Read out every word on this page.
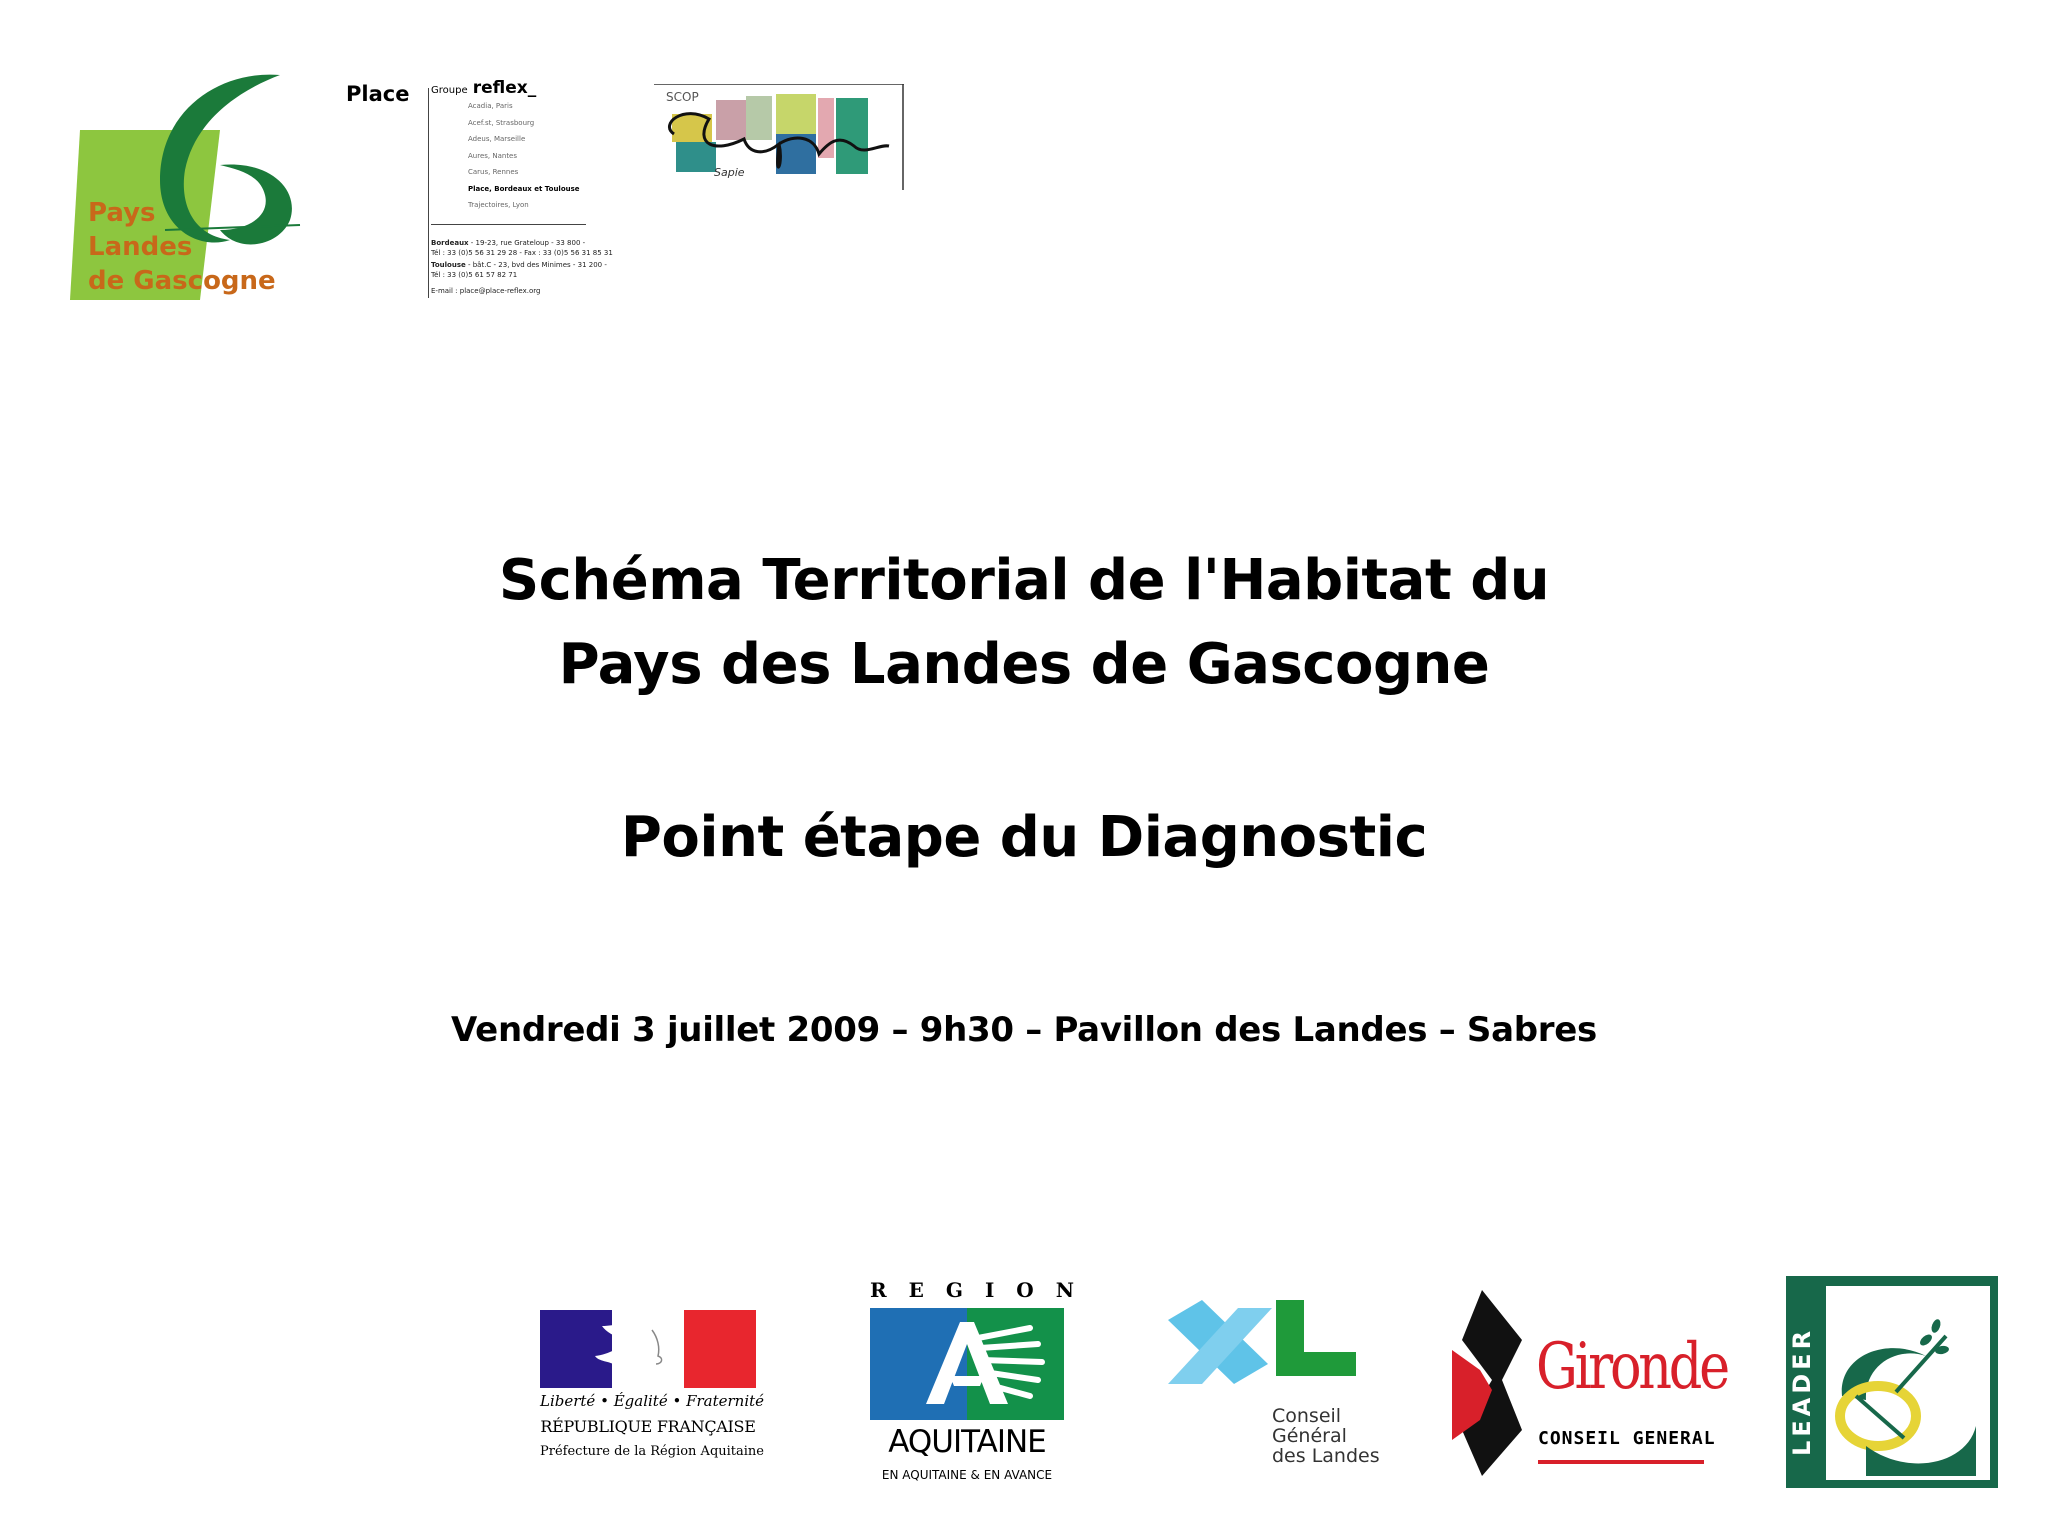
Pays
Landes
de Gascogne
Place Groupe reflex_
Acadia, Paris
Acef.st, Strasbourg
Adeus, Marseille
Aures, Nantes
Carus, Rennes
Place, Bordeaux et Toulouse
Trajectoires, Lyon
Bordeaux - 19-23, rue Grateloup - 33 800 -
Tél : 33 (0)5 56 31 29 28 - Fax : 33 (0)5 56 31 85 31
Toulouse - bât.C - 23, bvd des Minimes - 31 200 -
Tél : 33 (0)5 61 57 82 71
E-mail : place@place-reflex.org
SCOP
Sapie
Schéma Territorial de l'Habitat du
Pays des Landes de Gascogne
Point étape du Diagnostic
Vendredi 3 juillet 2009 – 9h30 – Pavillon des Landes – Sabres
Liberté • Égalité • Fraternité
RÉPUBLIQUE FRANÇAISE
Préfecture de la Région Aquitaine
REGION
AQUITAINE
EN AQUITAINE & EN AVANCE
Conseil
Général
des Landes
Gironde
CONSEIL GENERAL
